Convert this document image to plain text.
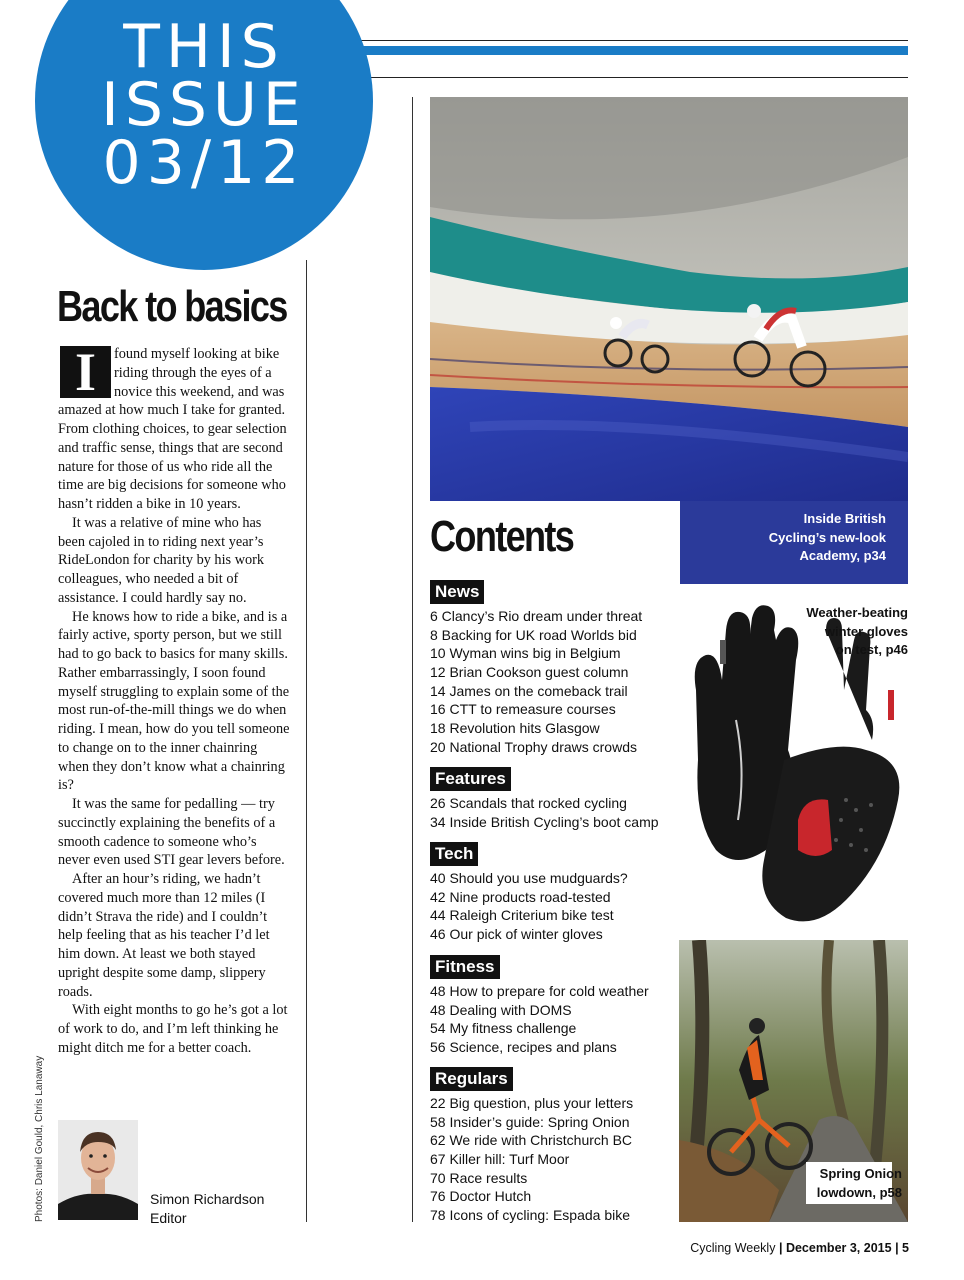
THIS
ISSUE
03/12
Back to basics
I	found myself looking at bike riding through the eyes of a novice this weekend, and was amazed at how much I take for granted. From clothing choices, to gear selection and traffic sense, things that are second nature for those of us who ride all the time are big decisions for someone who hasn’t ridden a bike in 10 years.

It was a relative of mine who has been cajoled in to riding next year’s RideLondon for charity by his work colleagues, who needed a bit of assistance. I could hardly say no.

He knows how to ride a bike, and is a fairly active, sporty person, but we still had to go back to basics for many skills. Rather embarrassingly, I soon found myself struggling to explain some of the most run-of-the-mill things we do when riding. I mean, how do you tell someone to change on to the inner chainring when they don’t know what a chainring is?

It was the same for pedalling — try succinctly explaining the benefits of a smooth cadence to someone who’s never even used STI gear levers before.

After an hour’s riding, we hadn’t covered much more than 12 miles (I didn’t Strava the ride) and I couldn’t help feeling that as his teacher I’d let him down. At least we both stayed upright despite some damp, slippery roads.

With eight months to go he’s got a lot of work to do, and I’m left thinking he might ditch me for a better coach.

Simon Richardson
Editor
Photos: Daniel Gould, Chris Lanaway
Inside British
Cycling’s new-look
Academy, p34
Contents
News
6 Clancy’s Rio dream under threat
8 Backing for UK road Worlds bid
10 Wyman wins big in Belgium
12 Brian Cookson guest column
14 James on the comeback trail
16 CTT to remeasure courses
18 Revolution hits Glasgow
20 National Trophy draws crowds
Features
26 Scandals that rocked cycling
34 Inside British Cycling’s boot camp
Tech
40 Should you use mudguards?
42 Nine products road-tested
44 Raleigh Criterium bike test
46 Our pick of winter gloves
Fitness
48 How to prepare for cold weather
48 Dealing with DOMS
54 My fitness challenge
56 Science, recipes and plans
Regulars
22 Big question, plus your letters
58 Insider’s guide: Spring Onion
62 We ride with Christchurch BC
67 Killer hill: Turf Moor
70 Race results
76 Doctor Hutch
78 Icons of cycling: Espada bike
Weather-beating
winter gloves
on test, p46
Spring Onion
lowdown, p58
Cycling Weekly | December 3, 2015 | 5
